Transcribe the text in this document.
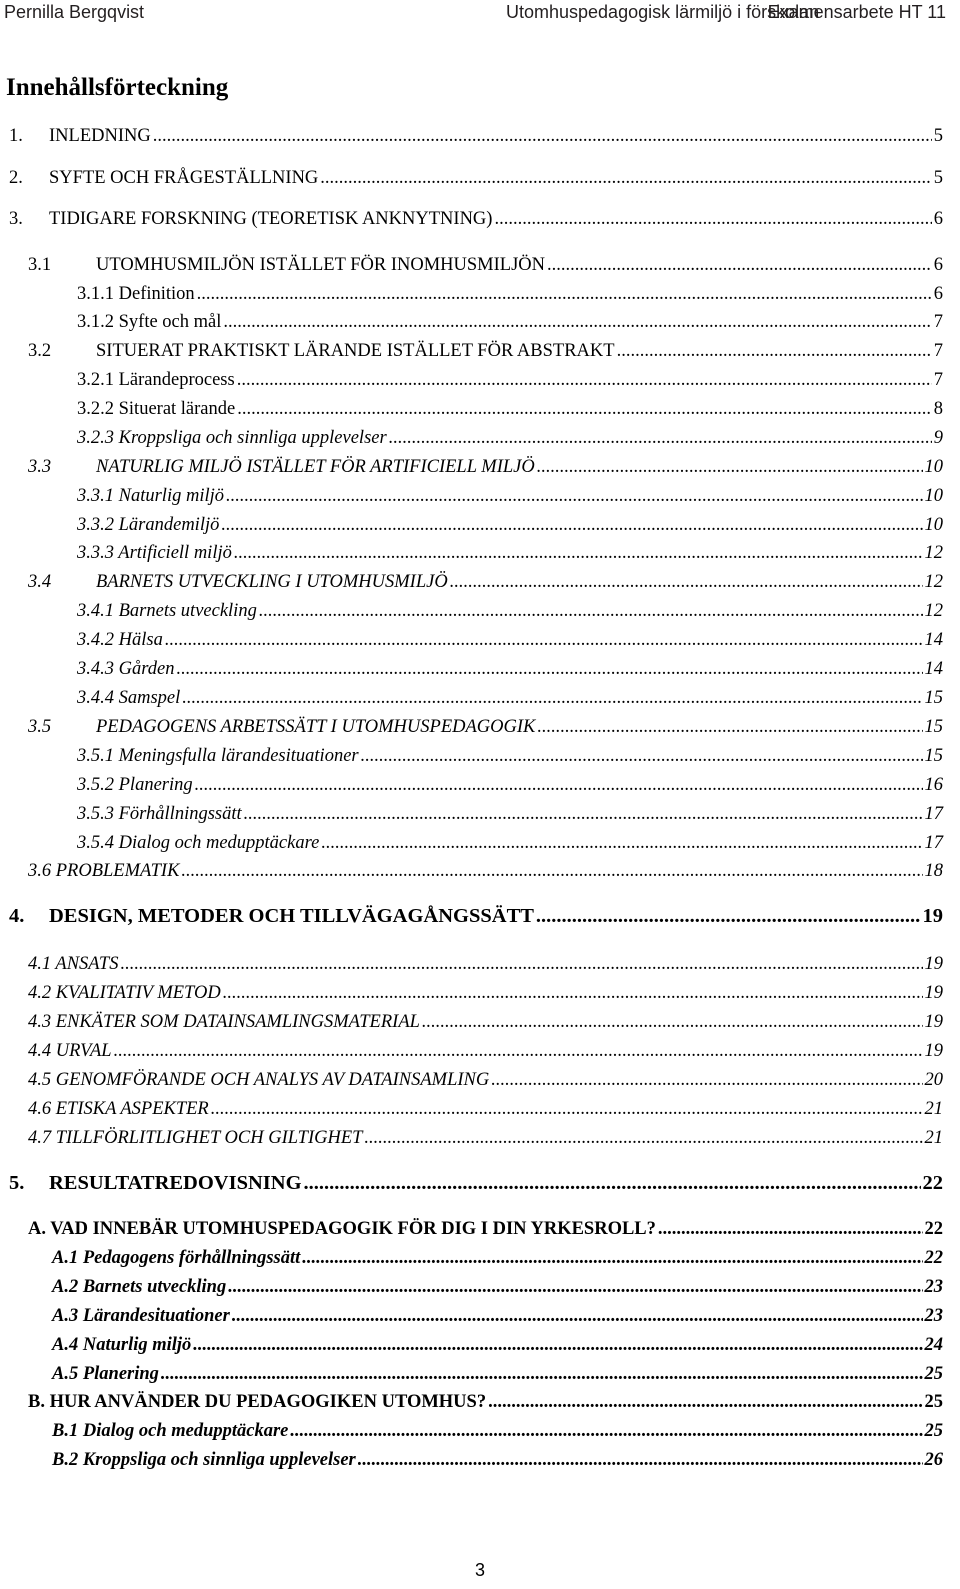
Pernilla Bergqvist	Utomhuspedagogisk lärmiljö i förskolan
Examensarbete HT 11
Innehållsförteckning
1.	INLEDNING .....	5
2.	SYFTE OCH FRÅGESTÄLLNING .....	5
3.	TIDIGARE FORSKNING (TEORETISK ANKNYTNING) .....	6
3.1	UTOMHUSMILJÖN ISTÄLLET FÖR INOMHUSMILJÖN .....	6
3.1.1 Definition .....	6
3.1.2 Syfte och mål .....	7
3.2	SITUERAT PRAKTISKT LÄRANDE ISTÄLLET FÖR ABSTRAKT .....	7
3.2.1 Lärandeprocess .....	7
3.2.2 Situerat lärande .....	8
3.2.3 Kroppsliga och sinnliga upplevelser .....	9
3.3	NATURLIG MILJÖ ISTÄLLET FÖR ARTIFICIELL MILJÖ .....	10
3.3.1 Naturlig miljö .....	10
3.3.2 Lärandemiljö .....	10
3.3.3 Artificiell miljö .....	12
3.4	BARNETS UTVECKLING I UTOMHUSMILJÖ .....	12
3.4.1 Barnets utveckling .....	12
3.4.2 Hälsa .....	14
3.4.3 Gården .....	14
3.4.4 Samspel .....	15
3.5	PEDAGOGENS ARBETSSÄTT I UTOMHUSPEDAGOGIK .....	15
3.5.1 Meningsfulla lärandesituationer .....	15
3.5.2 Planering .....	16
3.5.3 Förhållningssätt .....	17
3.5.4 Dialog och medupptäckare .....	17
3.6 PROBLEMATIK .....	18
4.	DESIGN, METODER OCH TILLVÄGAGÅNGSSÄTT .....	19
4.1 ANSATS .....	19
4.2 KVALITATIV METOD .....	19
4.3 ENKÄTER SOM DATAINSAMLINGSMATERIAL .....	19
4.4 URVAL .....	19
4.5 GENOMFÖRANDE OCH ANALYS AV DATAINSAMLING .....	20
4.6 ETISKA ASPEKTER .....	21
4.7 TILLFÖRLITLIGHET OCH GILTIGHET .....	21
5.	RESULTATREDOVISNING .....	22
A. VAD INNEBÄR UTOMHUSPEDAGOGIK FÖR DIG I DIN YRKESROLL? .....	22
A.1 Pedagogens förhållningssätt .....	22
A.2 Barnets utveckling .....	23
A.3 Lärandesituationer .....	23
A.4 Naturlig miljö .....	24
A.5 Planering .....	25
B. HUR ANVÄNDER DU PEDAGOGIKEN UTOMHUS? .....	25
B.1 Dialog och medupptäckare .....	25
B.2 Kroppsliga och sinnliga upplevelser .....	26
3
